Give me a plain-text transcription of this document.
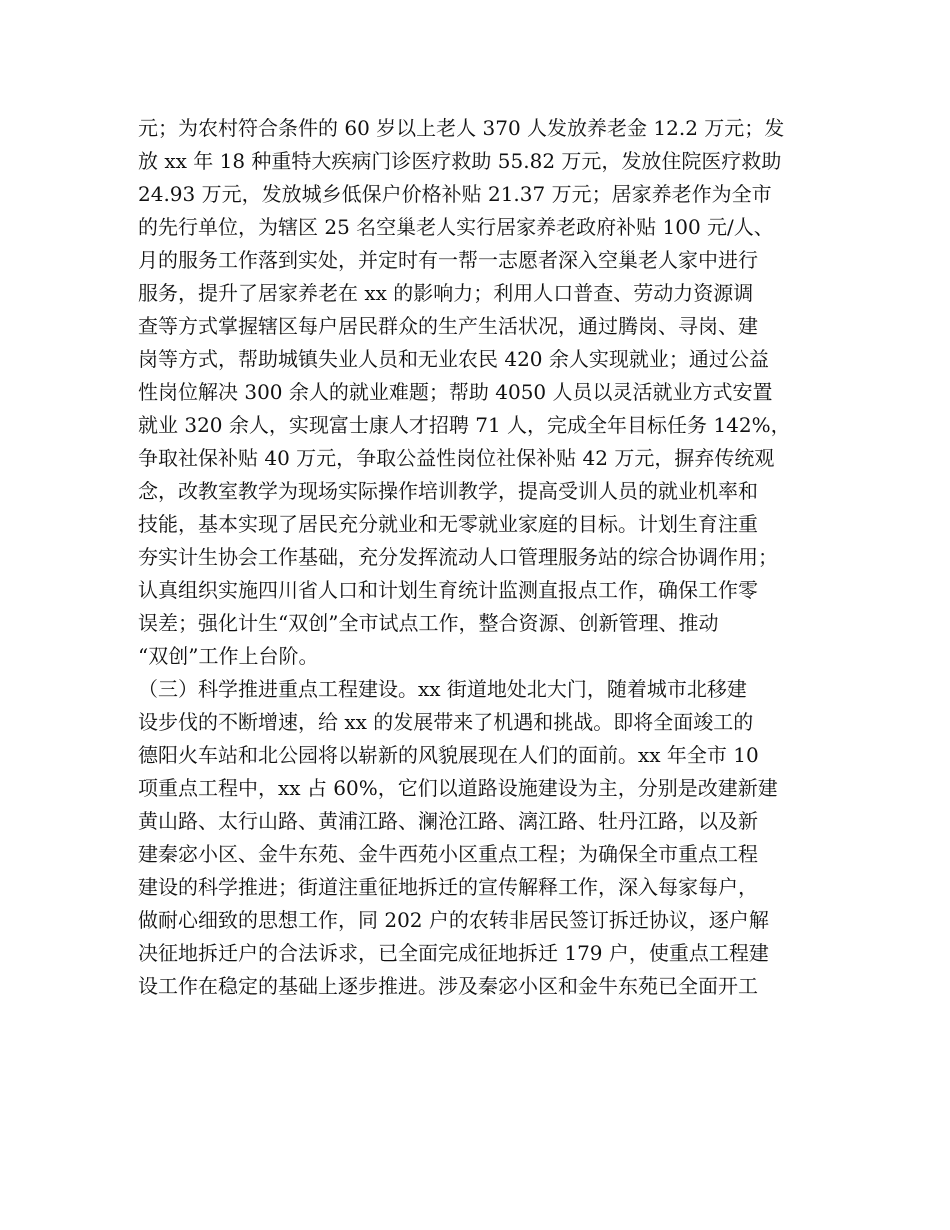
元；为农村符合条件的 60 岁以上老人 370 人发放养老金 12.2 万元；发
放 xx 年 18 种重特大疾病门诊医疗救助 55.82 万元，发放住院医疗救助
24.93 万元，发放城乡低保户价格补贴 21.37 万元；居家养老作为全市
的先行单位，为辖区 25 名空巢老人实行居家养老政府补贴 100 元/人、
月的服务工作落到实处，并定时有一帮一志愿者深入空巢老人家中进行
服务，提升了居家养老在 xx 的影响力；利用人口普查、劳动力资源调
查等方式掌握辖区每户居民群众的生产生活状况，通过腾岗、寻岗、建
岗等方式，帮助城镇失业人员和无业农民 420 余人实现就业；通过公益
性岗位解决 300 余人的就业难题；帮助 4050 人员以灵活就业方式安置
就业 320 余人，实现富士康人才招聘 71 人，完成全年目标任务 142%，
争取社保补贴 40 万元，争取公益性岗位社保补贴 42 万元，摒弃传统观
念，改教室教学为现场实际操作培训教学，提高受训人员的就业机率和
技能，基本实现了居民充分就业和无零就业家庭的目标。计划生育注重
夯实计生协会工作基础，充分发挥流动人口管理服务站的综合协调作用；
认真组织实施四川省人口和计划生育统计监测直报点工作，确保工作零
误差；强化计生“双创”全市试点工作，整合资源、创新管理、推动
“双创”工作上台阶。
（三）科学推进重点工程建设。xx 街道地处北大门，随着城市北移建
设步伐的不断增速，给 xx 的发展带来了机遇和挑战。即将全面竣工的
德阳火车站和北公园将以崭新的风貌展现在人们的面前。xx 年全市 10
项重点工程中，xx 占 60%，它们以道路设施建设为主，分别是改建新建
黄山路、太行山路、黄浦江路、澜沧江路、漓江路、牡丹江路，以及新
建秦宓小区、金牛东苑、金牛西苑小区重点工程；为确保全市重点工程
建设的科学推进；街道注重征地拆迁的宣传解释工作，深入每家每户，
做耐心细致的思想工作，同 202 户的农转非居民签订拆迁协议，逐户解
决征地拆迁户的合法诉求，已全面完成征地拆迁 179 户，使重点工程建
设工作在稳定的基础上逐步推进。涉及秦宓小区和金牛东苑已全面开工
